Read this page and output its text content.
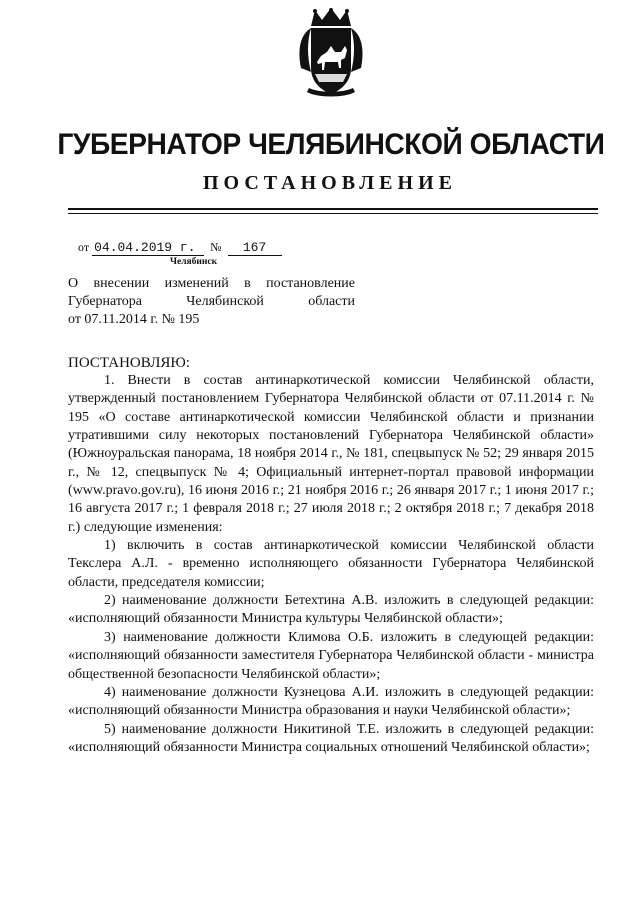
ГУБЕРНАТОР ЧЕЛЯБИНСКОЙ ОБЛАСТИ
ПОСТАНОВЛЕНИЕ
от 04.04.2019 г. № 167
Челябинск
О внесении изменений в постановление
Губернатора Челябинской области
от 07.11.2014 г. № 195
ПОСТАНОВЛЯЮ:

1. Внести в состав антинаркотической комиссии Челябинской области, утвержденный постановлением Губернатора Челябинской области от 07.11.2014 г. № 195 «О составе антинаркотической комиссии Челябинской области и признании утратившими силу некоторых постановлений Губернатора Челябинской области» (Южноуральская панорама, 18 ноября 2014 г., № 181, спецвыпуск № 52; 29 января 2015 г., № 12, спецвыпуск № 4; Официальный интернет-портал правовой информации (www.pravo.gov.ru), 16 июня 2016 г.; 21 ноября 2016 г.; 26 января 2017 г.; 1 июня 2017 г.; 16 августа 2017 г.; 1 февраля 2018 г.; 27 июля 2018 г.; 2 октября 2018 г.; 7 декабря 2018 г.) следующие изменения:

1) включить в состав антинаркотической комиссии Челябинской области Текслера А.Л. - временно исполняющего обязанности Губернатора Челябинской области, председателя комиссии;

2) наименование должности Бетехтина А.В. изложить в следующей редакции: «исполняющий обязанности Министра культуры Челябинской области»;

3) наименование должности Климова О.Б. изложить в следующей редакции: «исполняющий обязанности заместителя Губернатора Челябинской области - министра общественной безопасности Челябинской области»;

4) наименование должности Кузнецова А.И. изложить в следующей редакции: «исполняющий обязанности Министра образования и науки Челябинской области»;

5) наименование должности Никитиной Т.Е. изложить в следующей редакции: «исполняющий обязанности Министра социальных отношений Челябинской области»;
